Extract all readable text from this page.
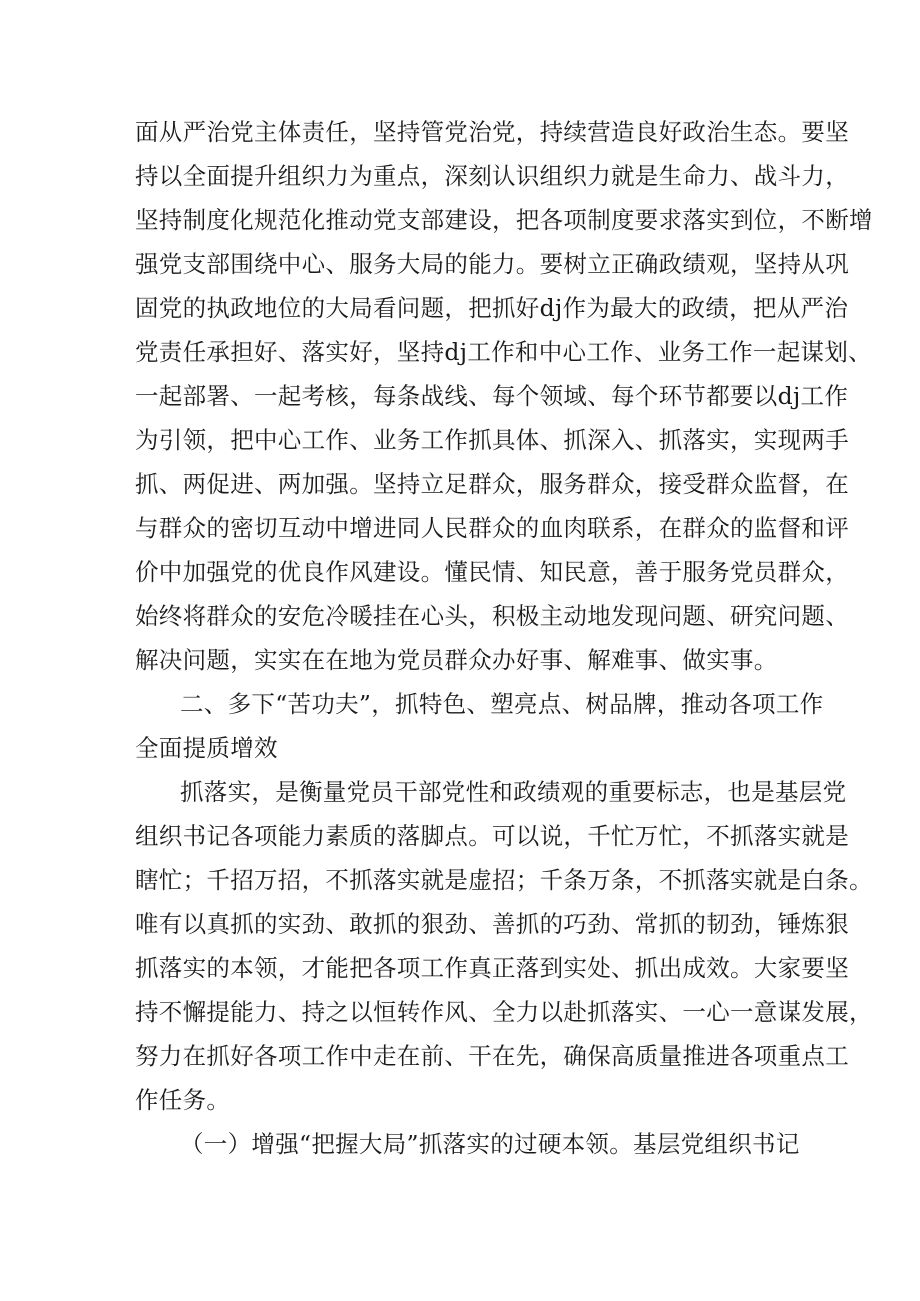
面从严治党主体责任，坚持管党治党，持续营造良好政治生态。要坚
持以全面提升组织力为重点，深刻认识组织力就是生命力、战斗力，
坚持制度化规范化推动党支部建设，把各项制度要求落实到位，不断增
强党支部围绕中心、服务大局的能力。要树立正确政绩观，坚持从巩
固党的执政地位的大局看问题，把抓好dj作为最大的政绩，把从严治
党责任承担好、落实好，坚持dj工作和中心工作、业务工作一起谋划、
一起部署、一起考核，每条战线、每个领域、每个环节都要以dj工作
为引领，把中心工作、业务工作抓具体、抓深入、抓落实，实现两手
抓、两促进、两加强。坚持立足群众，服务群众，接受群众监督，在
与群众的密切互动中增进同人民群众的血肉联系，在群众的监督和评
价中加强党的优良作风建设。懂民情、知民意，善于服务党员群众，
始终将群众的安危冷暖挂在心头，积极主动地发现问题、研究问题、
解决问题，实实在在地为党员群众办好事、解难事、做实事。
二、多下“苦功夫”，抓特色、塑亮点、树品牌，推动各项工作
全面提质增效
抓落实，是衡量党员干部党性和政绩观的重要标志，也是基层党
组织书记各项能力素质的落脚点。可以说，千忙万忙，不抓落实就是
瞎忙；千招万招，不抓落实就是虚招；千条万条，不抓落实就是白条。
唯有以真抓的实劲、敢抓的狠劲、善抓的巧劲、常抓的韧劲，锤炼狠
抓落实的本领，才能把各项工作真正落到实处、抓出成效。大家要坚
持不懈提能力、持之以恒转作风、全力以赴抓落实、一心一意谋发展，
努力在抓好各项工作中走在前、干在先，确保高质量推进各项重点工
作任务。
（一）增强“把握大局”抓落实的过硬本领。基层党组织书记
